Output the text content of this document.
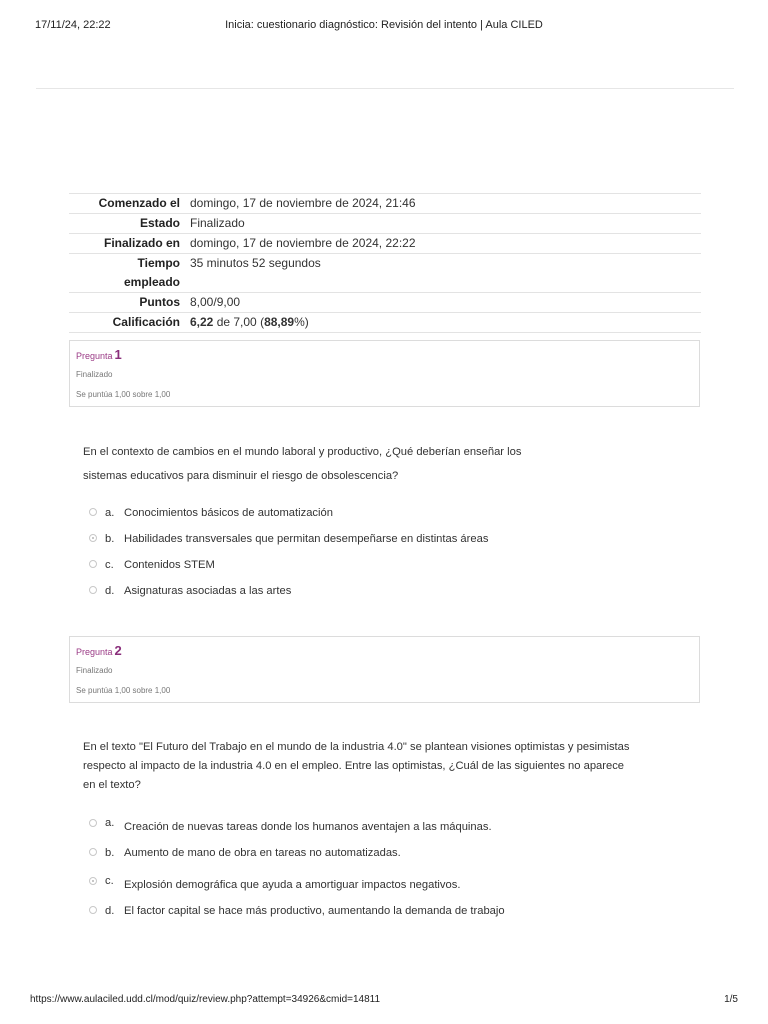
17/11/24, 22:22	Inicia: cuestionario diagnóstico: Revisión del intento | Aula CILED
Comenzado el	domingo, 17 de noviembre de 2024, 21:46
Estado	Finalizado
Finalizado en	domingo, 17 de noviembre de 2024, 22:22
Tiempo
empleado	35 minutos 52 segundos
Puntos	8,00/9,00
Calificación	6,22 de 7,00 (88,89%)
Pregunta 1
Finalizado
Se puntúa 1,00 sobre 1,00
En el contexto de cambios en el mundo laboral y productivo, ¿Qué deberían enseñar los
sistemas educativos para disminuir el riesgo de obsolescencia?
a. Conocimientos básicos de automatización
b. Habilidades transversales que permitan desempeñarse en distintas áreas
c. Contenidos STEM
d. Asignaturas asociadas a las artes
Pregunta 2
Finalizado
Se puntúa 1,00 sobre 1,00
En el texto "El Futuro del Trabajo en el mundo de la industria 4.0" se plantean visiones optimistas y pesimistas
respecto al impacto de la industria 4.0 en el empleo. Entre las optimistas, ¿Cuál de las siguientes no aparece
en el texto?
a. Creación de nuevas tareas donde los humanos aventajen a las máquinas.
b. Aumento de mano de obra en tareas no automatizadas.
c. Explosión demográfica que ayuda a amortiguar impactos negativos.
d. El factor capital se hace más productivo, aumentando la demanda de trabajo
https://www.aulaciled.udd.cl/mod/quiz/review.php?attempt=34926&cmid=14811	1/5
